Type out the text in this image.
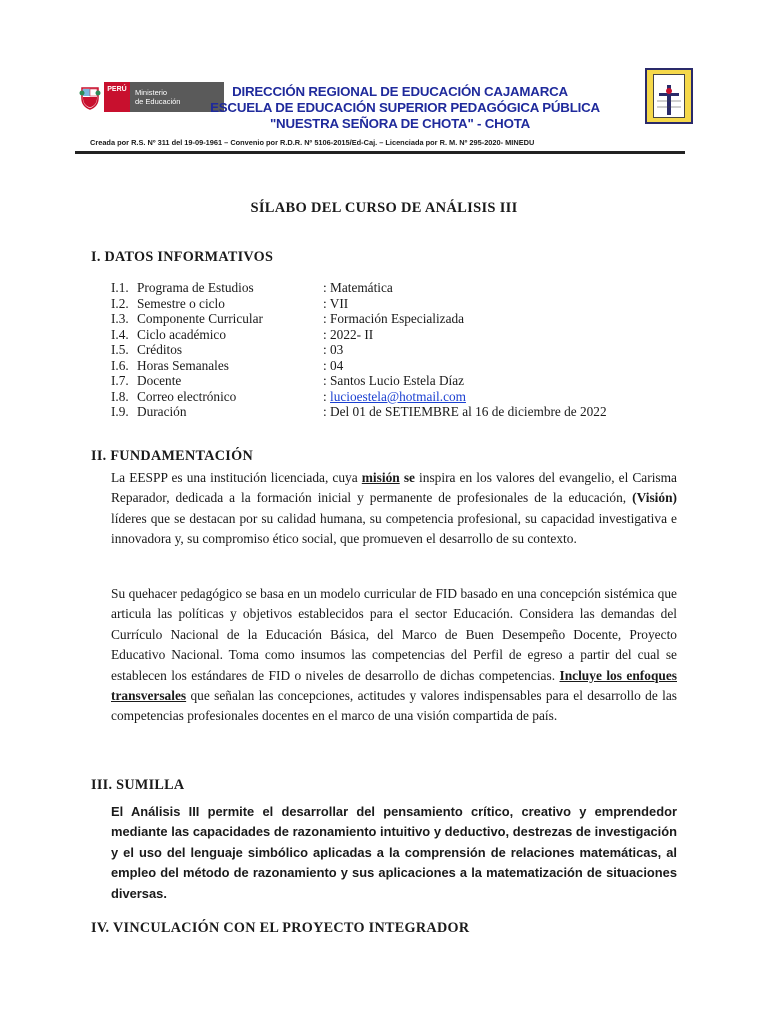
PERÚ	Ministerio
de Educación
DIRECCIÓN REGIONAL DE EDUCACIÓN CAJAMARCA
ESCUELA DE EDUCACIÓN SUPERIOR PEDAGÓGICA PÚBLICA
"NUESTRA SEÑORA DE CHOTA" - CHOTA
Creada por R.S. Nº 311 del 19-09-1961 – Convenio por R.D.R. Nº 5106-2015/Ed-Caj. – Licenciada por R. M. Nº 295-2020- MINEDU
SÍLABO DEL CURSO DE ANÁLISIS III
I. DATOS INFORMATIVOS
I.1. Programa de Estudios	: Matemática
I.2. Semestre o ciclo	: VII
I.3. Componente Curricular	: Formación Especializada
I.4. Ciclo académico	: 2022- II
I.5. Créditos	: 03
I.6. Horas Semanales	: 04
I.7. Docente	: Santos Lucio Estela Díaz
I.8. Correo electrónico	: lucioestela@hotmail.com
I.9. Duración	: Del 01 de SETIEMBRE al 16 de diciembre de 2022
II. FUNDAMENTACIÓN
La EESPP es una institución licenciada, cuya misión se inspira en los valores del evangelio, el Carisma Reparador, dedicada a la formación inicial y permanente de profesionales de la educación, (Visión) líderes que se destacan por su calidad humana, su competencia profesional, su capacidad investigativa e innovadora y, su compromiso ético social, que promueven el desarrollo de su contexto.
Su quehacer pedagógico se basa en un modelo curricular de FID basado en una concepción sistémica que articula las políticas y objetivos establecidos para el sector Educación. Considera las demandas del Currículo Nacional de la Educación Básica, del Marco de Buen Desempeño Docente, Proyecto Educativo Nacional. Toma como insumos las competencias del Perfil de egreso a partir del cual se establecen los estándares de FID o niveles de desarrollo de dichas competencias. Incluye los enfoques transversales que señalan las concepciones, actitudes y valores indispensables para el desarrollo de las competencias profesionales docentes en el marco de una visión compartida de país.
III. SUMILLA
El Análisis III permite el desarrollar del pensamiento crítico, creativo y emprendedor mediante las capacidades de razonamiento intuitivo y deductivo, destrezas de investigación y el uso del lenguaje simbólico aplicadas a la comprensión de relaciones matemáticas, al empleo del método de razonamiento y sus aplicaciones a la matematización de situaciones diversas.
IV. VINCULACIÓN CON EL PROYECTO INTEGRADOR
